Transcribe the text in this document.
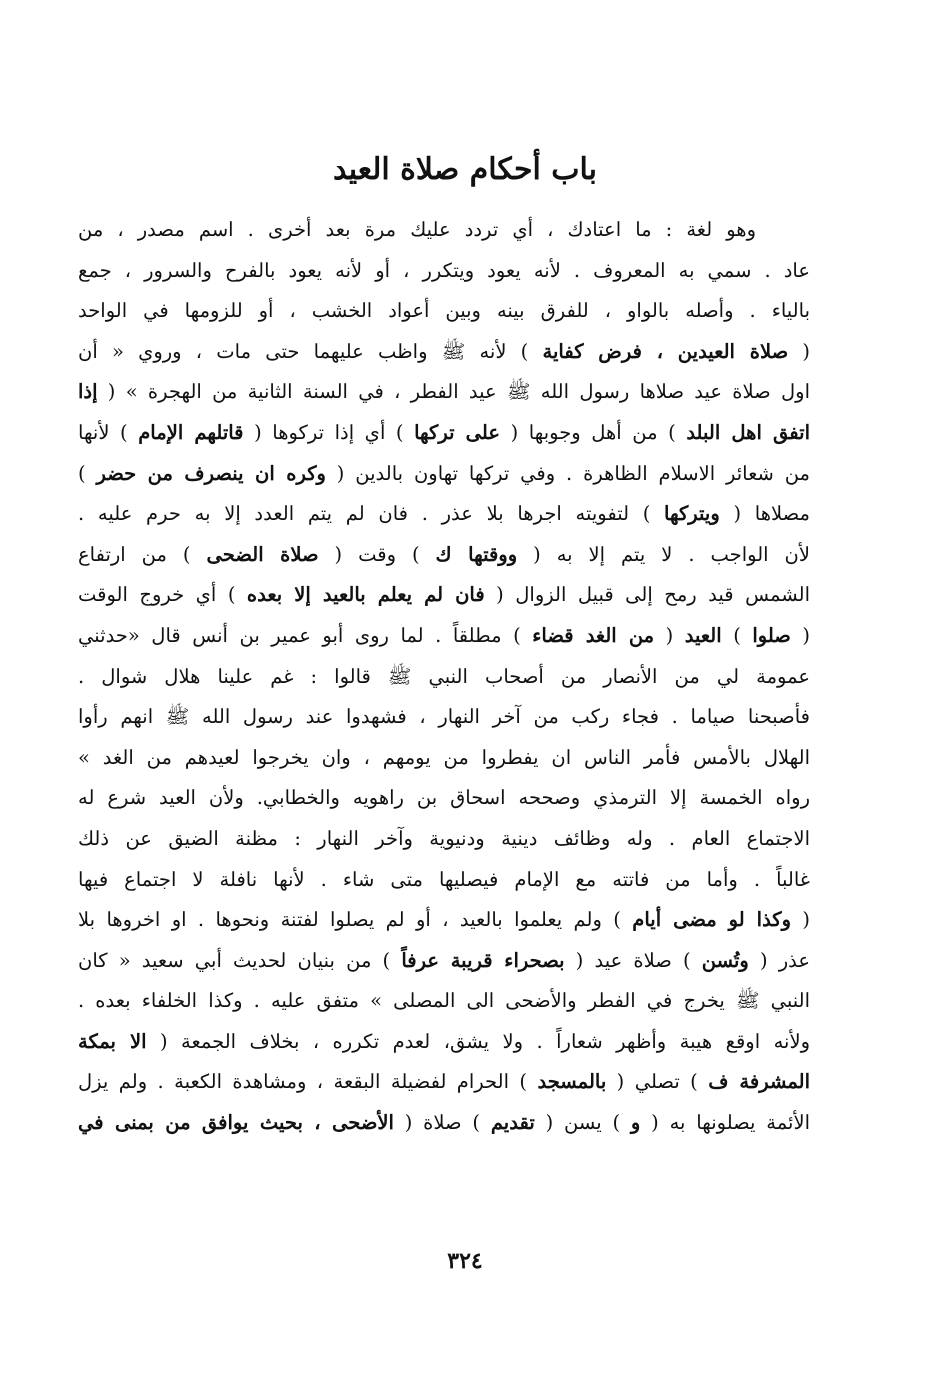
باب أحكام صلاة العيد
وهو لغة : ما اعتادك ، أي تردد عليك مرة بعد أخرى . اسم مصدر ، من
عاد . سمي به المعروف . لأنه يعود ويتكرر ، أو لأنه يعود بالفرح والسرور ، جمع
بالياء . وأصله بالواو ، للفرق بينه وبين أعواد الخشب ، أو للزومها في الواحد
( صلاة العيدين ، فرض كفاية ) لأنه ﷺ واظب عليهما حتى مات ، وروي « أن
اول صلاة عيد صلاها رسول الله ﷺ عيد الفطر ، في السنة الثانية من الهجرة » ( إذا
اتفق اهل البلد ) من أهل وجوبها ( على تركها ) أي إذا تركوها ( قاتلهم الإمام ) لأنها
من شعائر الاسلام الظاهرة . وفي تركها تهاون بالدين ( وكره ان ينصرف من حضر )
مصلاها ( ويتركها ) لتفويته اجرها بلا عذر . فان لم يتم العدد إلا به حرم عليه .
لأن الواجب . لا يتم إلا به ( ووقتها ك ) وقت ( صلاة الضحى ) من ارتفاع
الشمس قيد رمح إلى قبيل الزوال ( فان لم يعلم بالعيد إلا بعده ) أي خروج الوقت
( صلوا ) العيد ( من الغد قضاء ) مطلقاً . لما روى أبو عمير بن أنس قال «حدثني
عمومة لي من الأنصار من أصحاب النبي ﷺ قالوا : غم علينا هلال شوال .
فأصبحنا صياما . فجاء ركب من آخر النهار ، فشهدوا عند رسول الله ﷺ انهم رأوا
الهلال بالأمس فأمر الناس ان يفطروا من يومهم ، وان يخرجوا لعيدهم من الغد »
رواه الخمسة إلا الترمذي وصححه اسحاق بن راهويه والخطابي. ولأن العيد شرع له
الاجتماع العام . وله وظائف دينية ودنيوية وآخر النهار : مظنة الضيق عن ذلك
غالباً . وأما من فاتته مع الإمام فيصليها متى شاء . لأنها نافلة لا اجتماع فيها
( وكذا لو مضى أيام ) ولم يعلموا بالعيد ، أو لم يصلوا لفتنة ونحوها . او اخروها بلا
عذر ( وتُسن ) صلاة عيد ( بصحراء قريبة عرفاً ) من بنيان لحديث أبي سعيد « كان
النبي ﷺ يخرج في الفطر والأضحى الى المصلى » متفق عليه . وكذا الخلفاء بعده .
ولأنه اوقع هيبة وأظهر شعاراً . ولا يشق، لعدم تكرره ، بخلاف الجمعة ( الا بمكة
المشرفة ف ) تصلي ( بالمسجد ) الحرام لفضيلة البقعة ، ومشاهدة الكعبة . ولم يزل
الأئمة يصلونها به ( و ) يسن ( تقديم ) صلاة ( الأضحى ، بحيث يوافق من بمنى في
٣٢٤
